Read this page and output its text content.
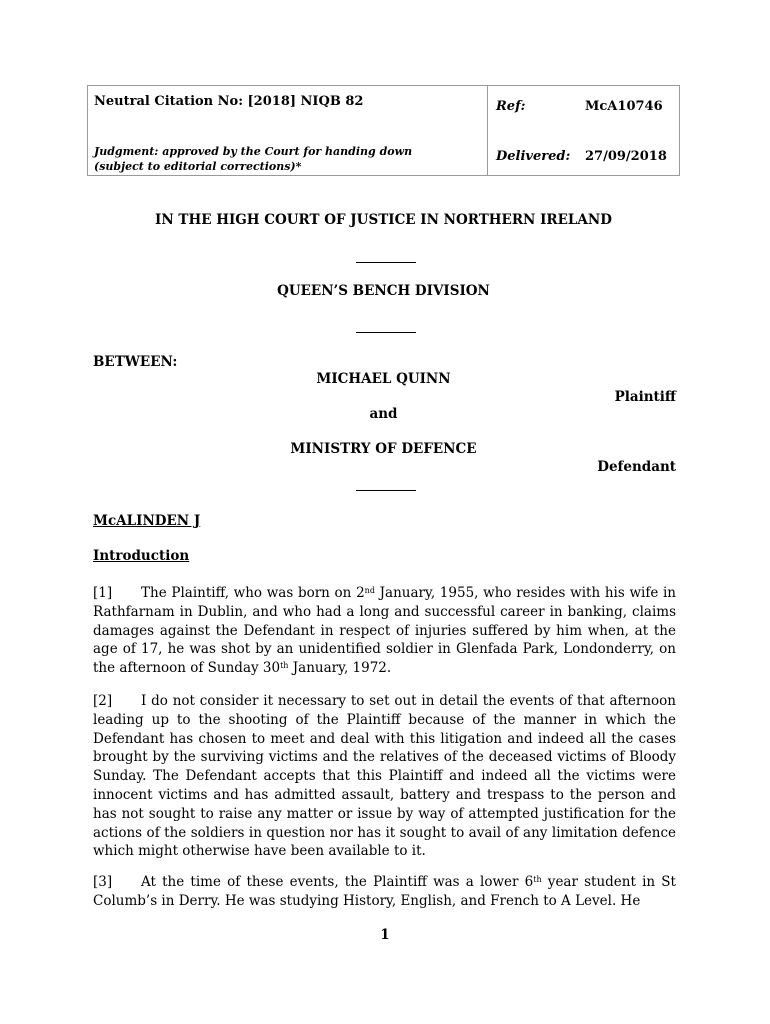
Neutral Citation No: [2018] NIQB 82
Judgment: approved by the Court for handing down
(subject to editorial corrections)*
Ref:	McA10746
Delivered: 27/09/2018
IN THE HIGH COURT OF JUSTICE IN NORTHERN IRELAND
QUEEN’S BENCH DIVISION
BETWEEN:
MICHAEL QUINN
Plaintiff
and
MINISTRY OF DEFENCE
Defendant
McALINDEN J
Introduction
[1] The Plaintiff, who was born on 2nd January, 1955, who resides with his wife in Rathfarnam in Dublin, and who had a long and successful career in banking, claims damages against the Defendant in respect of injuries suffered by him when, at the age of 17, he was shot by an unidentified soldier in Glenfada Park, Londonderry, on the afternoon of Sunday 30th January, 1972.
[2] I do not consider it necessary to set out in detail the events of that afternoon leading up to the shooting of the Plaintiff because of the manner in which the Defendant has chosen to meet and deal with this litigation and indeed all the cases brought by the surviving victims and the relatives of the deceased victims of Bloody Sunday. The Defendant accepts that this Plaintiff and indeed all the victims were innocent victims and has admitted assault, battery and trespass to the person and has not sought to raise any matter or issue by way of attempted justification for the actions of the soldiers in question nor has it sought to avail of any limitation defence which might otherwise have been available to it.
[3] At the time of these events, the Plaintiff was a lower 6th year student in St Columb’s in Derry. He was studying History, English, and French to A Level. He
1
